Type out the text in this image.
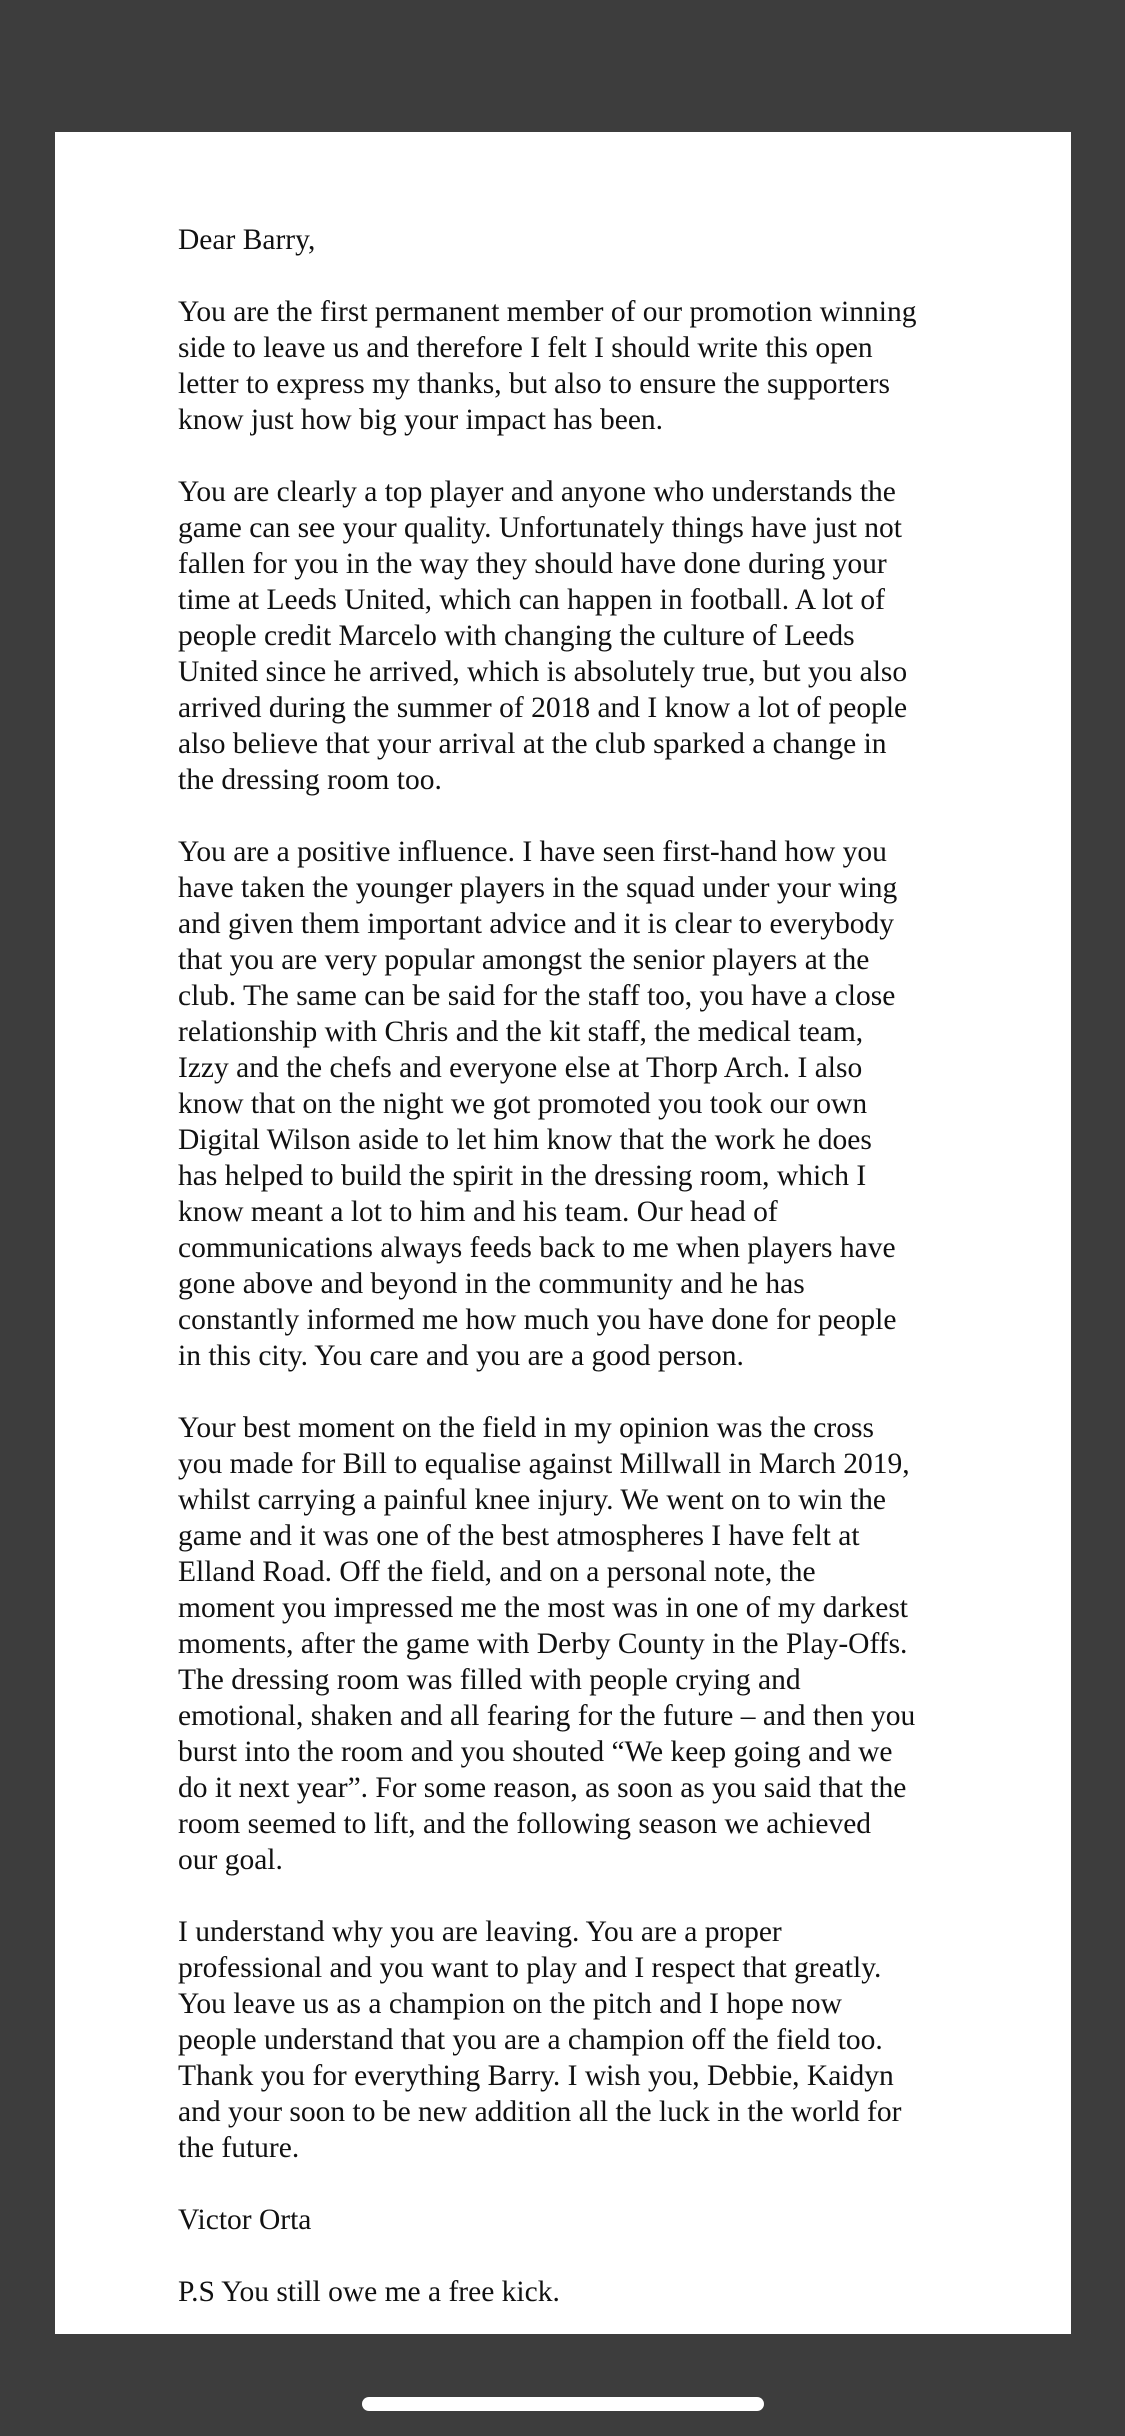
Dear Barry,

You are the first permanent member of our promotion winning
side to leave us and therefore I felt I should write this open
letter to express my thanks, but also to ensure the supporters
know just how big your impact has been.

You are clearly a top player and anyone who understands the
game can see your quality. Unfortunately things have just not
fallen for you in the way they should have done during your
time at Leeds United, which can happen in football. A lot of
people credit Marcelo with changing the culture of Leeds
United since he arrived, which is absolutely true, but you also
arrived during the summer of 2018 and I know a lot of people
also believe that your arrival at the club sparked a change in
the dressing room too.

You are a positive influence. I have seen first-hand how you
have taken the younger players in the squad under your wing
and given them important advice and it is clear to everybody
that you are very popular amongst the senior players at the
club. The same can be said for the staff too, you have a close
relationship with Chris and the kit staff, the medical team,
Izzy and the chefs and everyone else at Thorp Arch. I also
know that on the night we got promoted you took our own
Digital Wilson aside to let him know that the work he does
has helped to build the spirit in the dressing room, which I
know meant a lot to him and his team. Our head of
communications always feeds back to me when players have
gone above and beyond in the community and he has
constantly informed me how much you have done for people
in this city. You care and you are a good person.

Your best moment on the field in my opinion was the cross
you made for Bill to equalise against Millwall in March 2019,
whilst carrying a painful knee injury. We went on to win the
game and it was one of the best atmospheres I have felt at
Elland Road. Off the field, and on a personal note, the
moment you impressed me the most was in one of my darkest
moments, after the game with Derby County in the Play-Offs.
The dressing room was filled with people crying and
emotional, shaken and all fearing for the future – and then you
burst into the room and you shouted “We keep going and we
do it next year”. For some reason, as soon as you said that the
room seemed to lift, and the following season we achieved
our goal.

I understand why you are leaving. You are a proper
professional and you want to play and I respect that greatly.
You leave us as a champion on the pitch and I hope now
people understand that you are a champion off the field too.
Thank you for everything Barry. I wish you, Debbie, Kaidyn
and your soon to be new addition all the luck in the world for
the future.

Victor Orta

P.S You still owe me a free kick.
